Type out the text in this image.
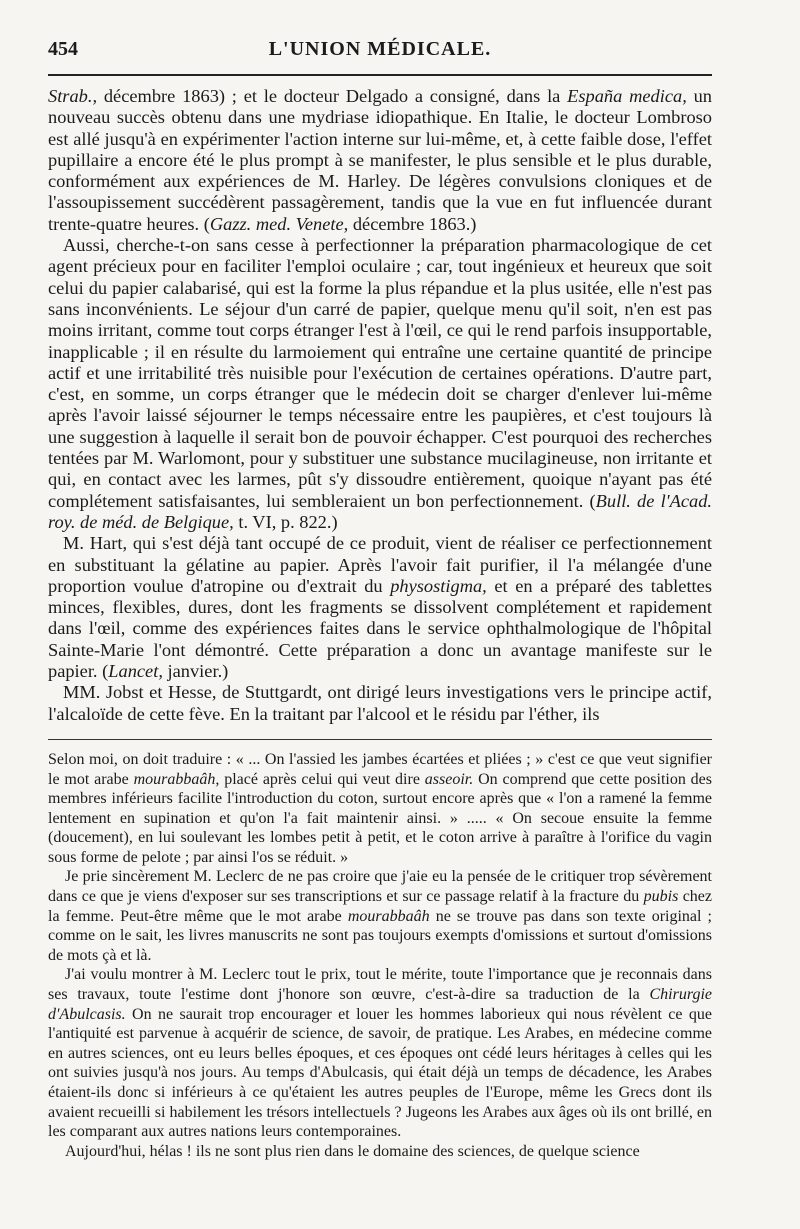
454	L'UNION MÉDICALE.

Strab., décembre 1863) ; et le docteur Delgado a consigné, dans la España medica, un nouveau succès obtenu dans une mydriase idiopathique. En Italie, le docteur Lombroso est allé jusqu'à en expérimenter l'action interne sur lui-même, et, à cette faible dose, l'effet pupillaire a encore été le plus prompt à se manifester, le plus sensible et le plus durable, conformément aux expériences de M. Harley. De légères convulsions cloniques et de l'assoupissement succédèrent passagèrement, tandis que la vue en fut influencée durant trente-quatre heures. (Gazz. med. Venete, décembre 1863.)

Aussi, cherche-t-on sans cesse à perfectionner la préparation pharmacologique de cet agent précieux pour en faciliter l'emploi oculaire ; car, tout ingénieux et heureux que soit celui du papier calabarisé, qui est la forme la plus répandue et la plus usitée, elle n'est pas sans inconvénients. Le séjour d'un carré de papier, quelque menu qu'il soit, n'en est pas moins irritant, comme tout corps étranger l'est à l'œil, ce qui le rend parfois insupportable, inapplicable ; il en résulte du larmoiement qui entraîne une certaine quantité de principe actif et une irritabilité très nuisible pour l'exécution de certaines opérations. D'autre part, c'est, en somme, un corps étranger que le médecin doit se charger d'enlever lui-même après l'avoir laissé séjourner le temps nécessaire entre les paupières, et c'est toujours là une suggestion à laquelle il serait bon de pouvoir échapper. C'est pourquoi des recherches tentées par M. Warlomont, pour y substituer une substance mucilagineuse, non irritante et qui, en contact avec les larmes, pût s'y dissoudre entièrement, quoique n'ayant pas été complétement satisfaisantes, lui sembleraient un bon perfectionnement. (Bull. de l'Acad. roy. de méd. de Belgique, t. VI, p. 822.)

M. Hart, qui s'est déjà tant occupé de ce produit, vient de réaliser ce perfectionnement en substituant la gélatine au papier. Après l'avoir fait purifier, il l'a mélangée d'une proportion voulue d'atropine ou d'extrait du physostigma, et en a préparé des tablettes minces, flexibles, dures, dont les fragments se dissolvent complétement et rapidement dans l'œil, comme des expériences faites dans le service ophthalmologique de l'hôpital Sainte-Marie l'ont démontré. Cette préparation a donc un avantage manifeste sur le papier. (Lancet, janvier.)

MM. Jobst et Hesse, de Stuttgardt, ont dirigé leurs investigations vers le principe actif, l'alcaloïde de cette fève. En la traitant par l'alcool et le résidu par l'éther, ils

Selon moi, on doit traduire : « ... On l'assied les jambes écartées et pliées ; » c'est ce que veut signifier le mot arabe mourabbaâh, placé après celui qui veut dire asseoir. On comprend que cette position des membres inférieurs facilite l'introduction du coton, surtout encore après que « l'on a ramené la femme lentement en supination et qu'on l'a fait maintenir ainsi. » ..... « On secoue ensuite la femme (doucement), en lui soulevant les lombes petit à petit, et le coton arrive à paraître à l'orifice du vagin sous forme de pelote ; par ainsi l'os se réduit. »

Je prie sincèrement M. Leclerc de ne pas croire que j'aie eu la pensée de le critiquer trop sévèrement dans ce que je viens d'exposer sur ses transcriptions et sur ce passage relatif à la fracture du pubis chez la femme. Peut-être même que le mot arabe mourabbaâh ne se trouve pas dans son texte original ; comme on le sait, les livres manuscrits ne sont pas toujours exempts d'omissions et surtout d'omissions de mots çà et là.

J'ai voulu montrer à M. Leclerc tout le prix, tout le mérite, toute l'importance que je reconnais dans ses travaux, toute l'estime dont j'honore son œuvre, c'est-à-dire sa traduction de la Chirurgie d'Abulcasis. On ne saurait trop encourager et louer les hommes laborieux qui nous révèlent ce que l'antiquité est parvenue à acquérir de science, de savoir, de pratique. Les Arabes, en médecine comme en autres sciences, ont eu leurs belles époques, et ces époques ont cédé leurs héritages à celles qui les ont suivies jusqu'à nos jours. Au temps d'Abulcasis, qui était déjà un temps de décadence, les Arabes étaient-ils donc si inférieurs à ce qu'étaient les autres peuples de l'Europe, même les Grecs dont ils avaient recueilli si habilement les trésors intellectuels ? Jugeons les Arabes aux âges où ils ont brillé, en les comparant aux autres nations leurs contemporaines.

Aujourd'hui, hélas ! ils ne sont plus rien dans le domaine des sciences, de quelque science
